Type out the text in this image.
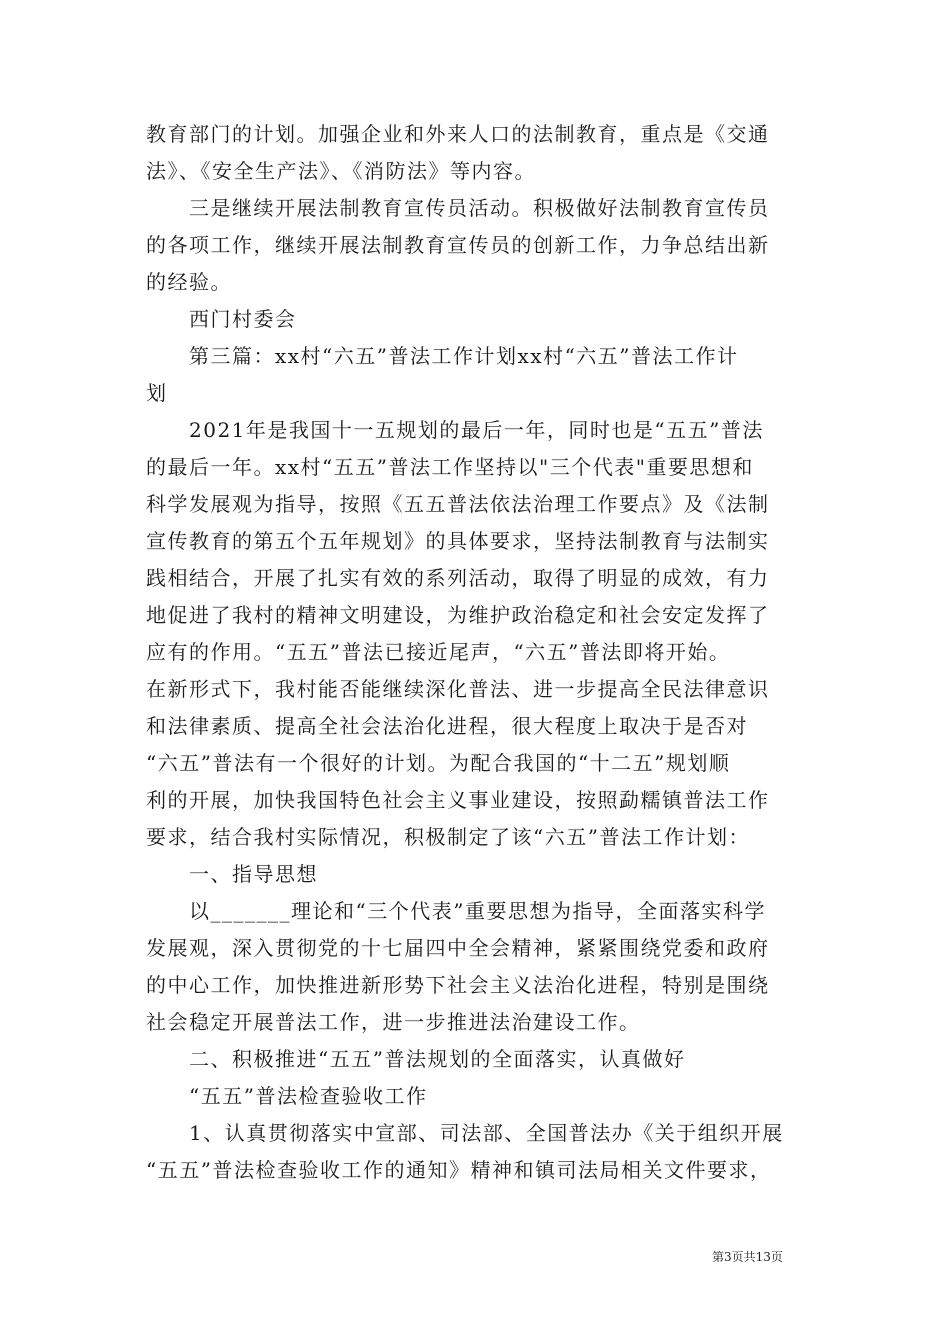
教育部门的计划。加强企业和外来人口的法制教育，重点是《交通
法》、《安全生产法》、《消防法》等内容。
三是继续开展法制教育宣传员活动。积极做好法制教育宣传员
的各项工作，继续开展法制教育宣传员的创新工作，力争总结出新
的经验。
西门村委会
第三篇：xx村“六五”普法工作计划xx村“六五”普法工作计
划
2021年是我国十一五规划的最后一年，同时也是“五五”普法
的最后一年。xx村“五五”普法工作坚持以"三个代表"重要思想和
科学发展观为指导，按照《五五普法依法治理工作要点》及《法制
宣传教育的第五个五年规划》的具体要求，坚持法制教育与法制实
践相结合，开展了扎实有效的系列活动，取得了明显的成效，有力
地促进了我村的精神文明建设，为维护政治稳定和社会安定发挥了
应有的作用。“五五”普法已接近尾声，“六五”普法即将开始。
在新形式下，我村能否能继续深化普法、进一步提高全民法律意识
和法律素质、提高全社会法治化进程，很大程度上取决于是否对
“六五”普法有一个很好的计划。为配合我国的“十二五”规划顺
利的开展，加快我国特色社会主义事业建设，按照勐糯镇普法工作
要求，结合我村实际情况，积极制定了该“六五”普法工作计划：
一、指导思想
以_______理论和“三个代表”重要思想为指导，全面落实科学
发展观，深入贯彻党的十七届四中全会精神，紧紧围绕党委和政府
的中心工作，加快推进新形势下社会主义法治化进程，特别是围绕
社会稳定开展普法工作，进一步推进法治建设工作。
二、积极推进“五五”普法规划的全面落实，认真做好
“五五”普法检查验收工作
1、认真贯彻落实中宣部、司法部、全国普法办《关于组织开展
“五五”普法检查验收工作的通知》精神和镇司法局相关文件要求，
第3页共13页
